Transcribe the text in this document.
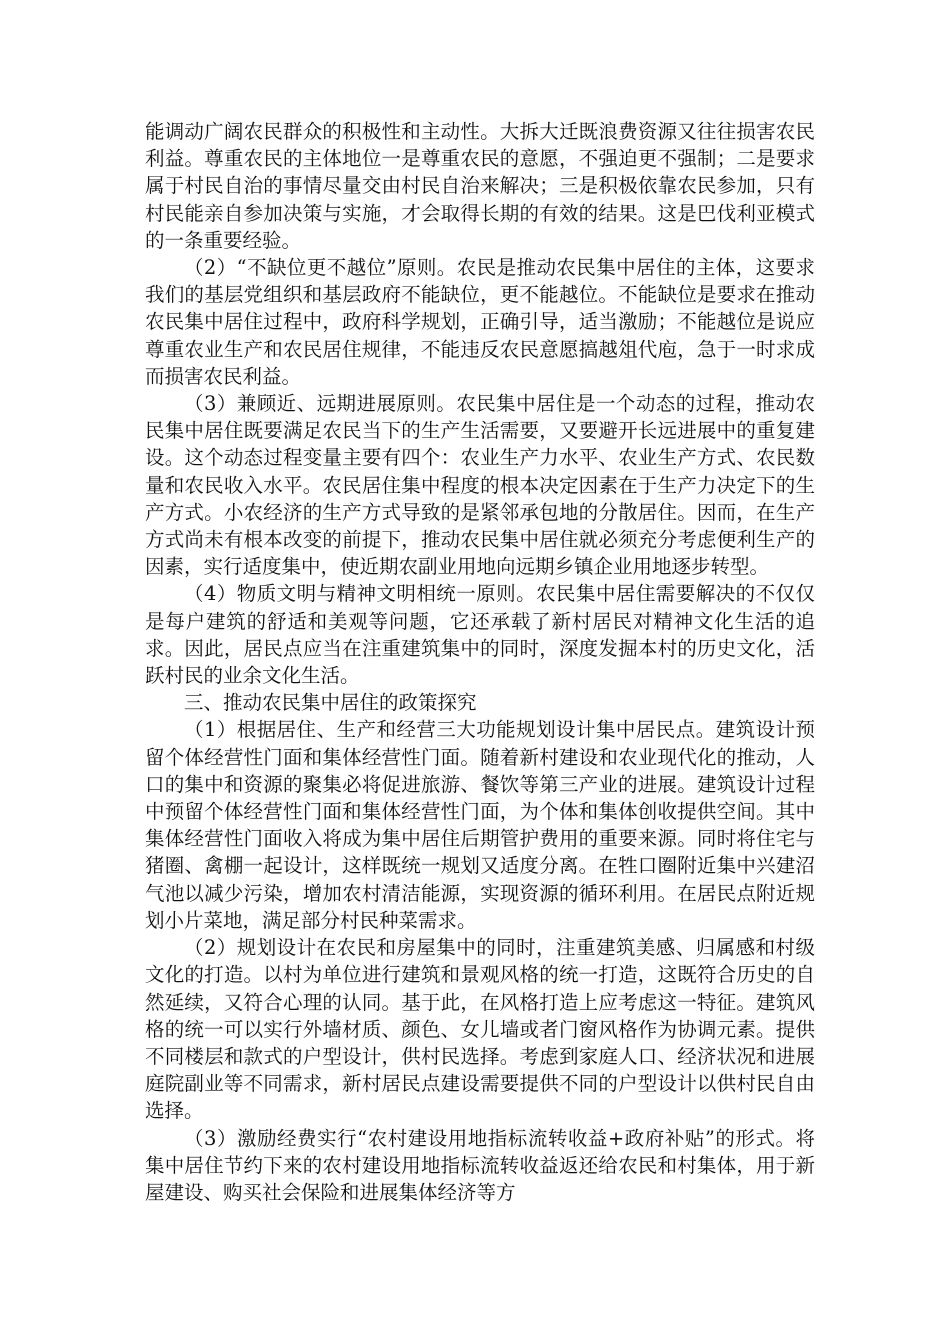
能调动广阔农民群众的积极性和主动性。大拆大迁既浪费资源又往往损害农民利益。尊重农民的主体地位一是尊重农民的意愿，不强迫更不强制；二是要求属于村民自治的事情尽量交由村民自治来解决；三是积极依靠农民参加，只有村民能亲自参加决策与实施，才会取得长期的有效的结果。这是巴伐利亚模式的一条重要经验。

（2）“不缺位更不越位”原则。农民是推动农民集中居住的主体，这要求我们的基层党组织和基层政府不能缺位，更不能越位。不能缺位是要求在推动农民集中居住过程中，政府科学规划，正确引导，适当激励；不能越位是说应尊重农业生产和农民居住规律，不能违反农民意愿搞越俎代庖，急于一时求成而损害农民利益。

（3）兼顾近、远期进展原则。农民集中居住是一个动态的过程，推动农民集中居住既要满足农民当下的生产生活需要，又要避开长远进展中的重复建设。这个动态过程变量主要有四个：农业生产力水平、农业生产方式、农民数量和农民收入水平。农民居住集中程度的根本决定因素在于生产力决定下的生产方式。小农经济的生产方式导致的是紧邻承包地的分散居住。因而，在生产方式尚未有根本改变的前提下，推动农民集中居住就必须充分考虑便利生产的因素，实行适度集中，使近期农副业用地向远期乡镇企业用地逐步转型。

（4）物质文明与精神文明相统一原则。农民集中居住需要解决的不仅仅是每户建筑的舒适和美观等问题，它还承载了新村居民对精神文化生活的追求。因此，居民点应当在注重建筑集中的同时，深度发掘本村的历史文化，活跃村民的业余文化生活。

三、推动农民集中居住的政策探究

（1）根据居住、生产和经营三大功能规划设计集中居民点。建筑设计预留个体经营性门面和集体经营性门面。随着新村建设和农业现代化的推动，人口的集中和资源的聚集必将促进旅游、餐饮等第三产业的进展。建筑设计过程中预留个体经营性门面和集体经营性门面，为个体和集体创收提供空间。其中集体经营性门面收入将成为集中居住后期管护费用的重要来源。同时将住宅与猪圈、禽棚一起设计，这样既统一规划又适度分离。在牲口圈附近集中兴建沼气池以减少污染，增加农村清洁能源，实现资源的循环利用。在居民点附近规划小片菜地，满足部分村民种菜需求。

（2）规划设计在农民和房屋集中的同时，注重建筑美感、归属感和村级文化的打造。以村为单位进行建筑和景观风格的统一打造，这既符合历史的自然延续，又符合心理的认同。基于此，在风格打造上应考虑这一特征。建筑风格的统一可以实行外墙材质、颜色、女儿墙或者门窗风格作为协调元素。提供不同楼层和款式的户型设计，供村民选择。考虑到家庭人口、经济状况和进展庭院副业等不同需求，新村居民点建设需要提供不同的户型设计以供村民自由选择。

（3）激励经费实行“农村建设用地指标流转收益+政府补贴”的形式。将集中居住节约下来的农村建设用地指标流转收益返还给农民和村集体，用于新屋建设、购买社会保险和进展集体经济等方
